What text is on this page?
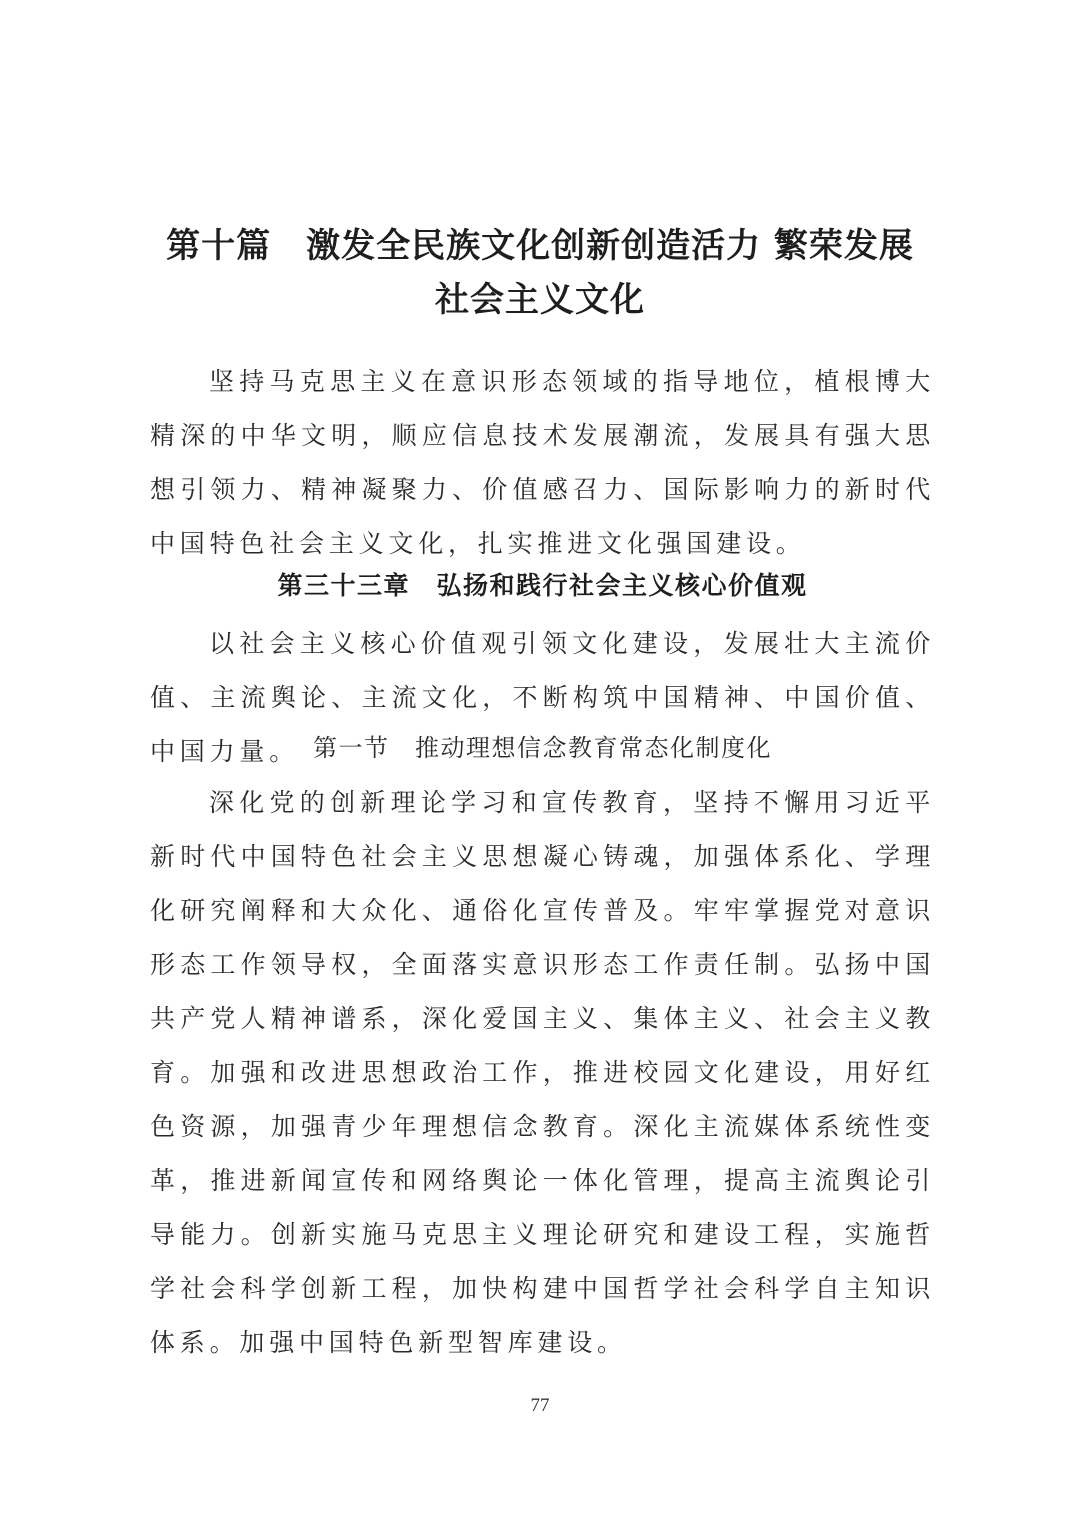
第十篇　激发全民族文化创新创造活力 繁荣发展
社会主义文化

坚持马克思主义在意识形态领域的指导地位，植根博大精深的中华文明，顺应信息技术发展潮流，发展具有强大思想引领力、精神凝聚力、价值感召力、国际影响力的新时代中国特色社会主义文化，扎实推进文化强国建设。

第三十三章　弘扬和践行社会主义核心价值观

以社会主义核心价值观引领文化建设，发展壮大主流价值、主流舆论、主流文化，不断构筑中国精神、中国价值、中国力量。 第一节　推动理想信念教育常态化制度化

深化党的创新理论学习和宣传教育，坚持不懈用习近平新时代中国特色社会主义思想凝心铸魂，加强体系化、学理化研究阐释和大众化、通俗化宣传普及。牢牢掌握党对意识形态工作领导权，全面落实意识形态工作责任制。弘扬中国共产党人精神谱系，深化爱国主义、集体主义、社会主义教育。加强和改进思想政治工作，推进校园文化建设，用好红色资源，加强青少年理想信念教育。深化主流媒体系统性变革，推进新闻宣传和网络舆论一体化管理，提高主流舆论引导能力。创新实施马克思主义理论研究和建设工程，实施哲学社会科学创新工程，加快构建中国哲学社会科学自主知识体系。加强中国特色新型智库建设。

77
